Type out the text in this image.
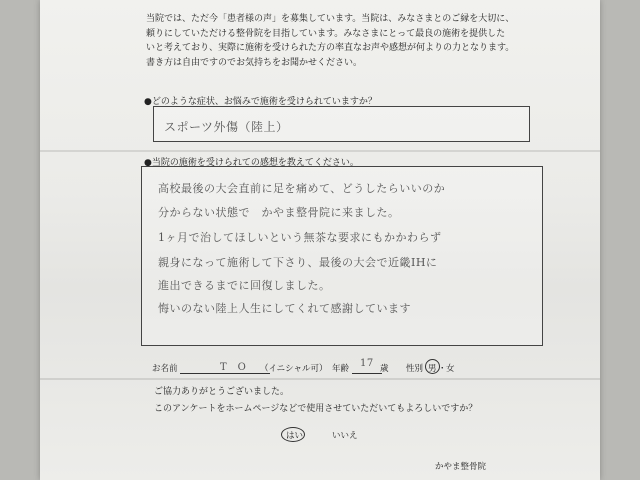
当院では、ただ今「患者様の声」を募集しています。当院は、みなさまとのご縁を大切に、
頼りにしていただける整骨院を目指しています。みなさまにとって最良の施術を提供した
いと考えており、実際に施術を受けられた方の率直なお声や感想が何よりの力となります。
書き方は自由ですのでお気持ちをお聞かせください。
●どのような症状、お悩みで施術を受けられていますか？
スポーツ外傷（陸上）
●当院の施術を受けられての感想を教えてください。
高校最後の大会直前に足を痛めて、どうしたらいいのか
分からない状態で　かやま整骨院に来ました。
1ヶ月で治してほしいという無茶な要求にもかかわらず
親身になって施術して下さり、最後の大会で近畿IHに
進出できるまでに回復しました。
悔いのない陸上人生にしてくれて感謝しています
お名前	T　O （イニシャル可） 年齢 17 歳 性別 男 ・ 女
ご協力ありがとうございました。
このアンケートをホームページなどで使用させていただいてもよろしいですか？
はい	いいえ
かやま整骨院
